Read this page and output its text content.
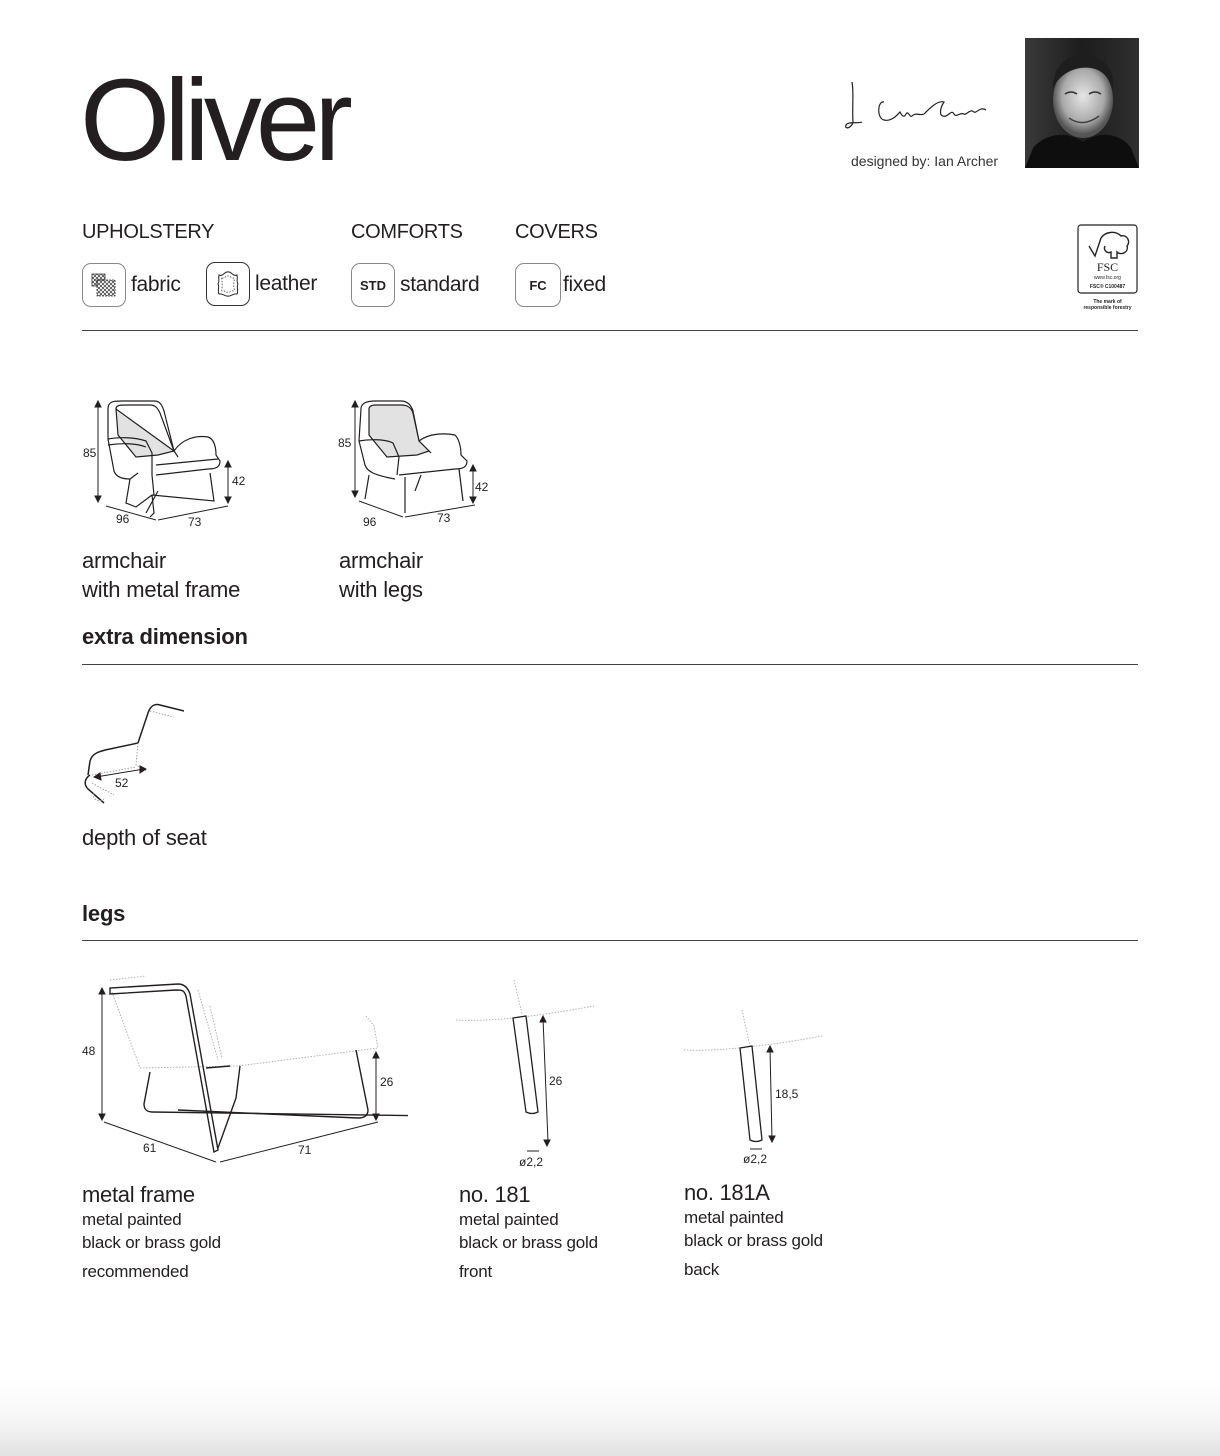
Oliver	designed by: Ian Archer
FSC
www.fsc.org
FSC® C100487
The mark of
responsible forestry
UPHOLSTERY	COMFORTS	COVERS
fabric	leather	STD standard	FC fixed
85
42
96	73
85
42
96	73
armchair
with metal frame
armchair
with legs
extra dimension
52
depth of seat
legs
48
26
61	71
26
ø2,2
18,5
ø2,2
metal frame
metal painted
black or brass gold
recommended
no. 181
metal painted
black or brass gold
front
no. 181A
metal painted
black or brass gold
back
